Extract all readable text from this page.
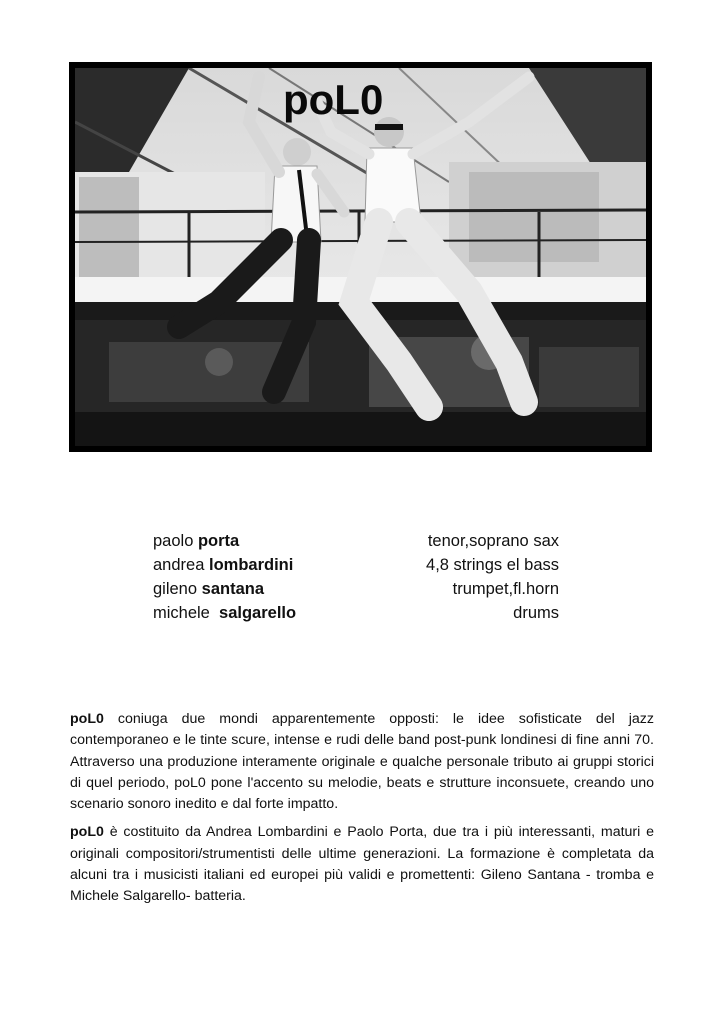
poL0
paolo porta	tenor,soprano sax
andrea lombardini	4,8 strings el bass
gileno santana	trumpet,fl.horn
michele salgarello	drums

poL0 coniuga due mondi apparentemente opposti: le idee sofisticate del jazz contemporaneo e le tinte scure, intense e rudi delle band post-punk londinesi di fine anni 70. Attraverso una produzione interamente originale e qualche personale tributo ai gruppi storici di quel periodo, poL0 pone l'accento su melodie, beats e strutture inconsuete, creando uno scenario sonoro inedito e dal forte impatto.

poL0 è costituito da Andrea Lombardini e Paolo Porta, due tra i più interessanti, maturi e originali compositori/strumentisti delle ultime generazioni. La formazione è completata da alcuni tra i musicisti italiani ed europei più validi e promettenti: Gileno Santana - tromba e Michele Salgarello- batteria.
